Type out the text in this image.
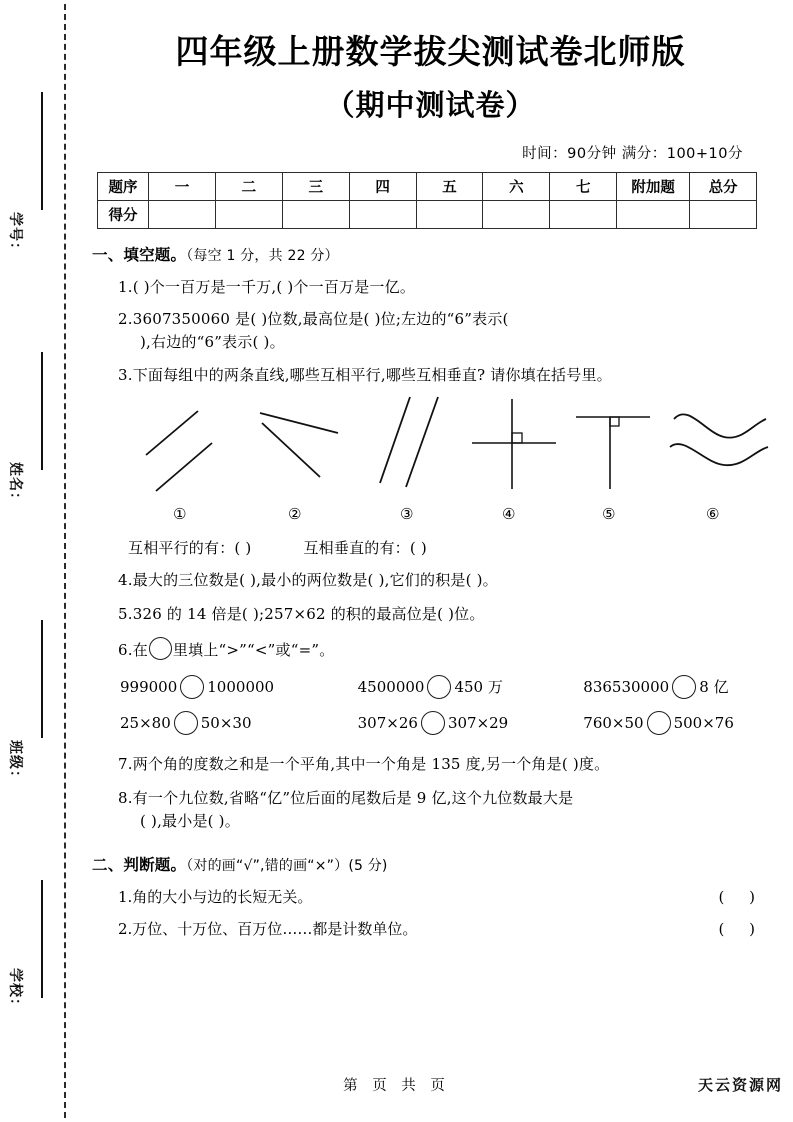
学号：
姓名：
班级：
学校：
四年级上册数学拔尖测试卷北师版
（期中测试卷）
时间：90分钟 满分：100+10分
题序	一	二	三	四	五	六	七	附加题	总分
得分									
一、填空题。（每空 1 分，共 22 分）
1.( )个一百万是一千万,( )个一百万是一亿。
2.3607350060 是( )位数,最高位是( )位;左边的“6”表示(
),右边的“6”表示( )。
3.下面每组中的两条直线,哪些互相平行,哪些互相垂直? 请你填在括号里。
①	②	③	④	⑤	⑥
互相平行的有：( )	互相垂直的有：( )
4.最大的三位数是( ),最小的两位数是( ),它们的积是( )。
5.326 的 14 倍是( );257×62 的积的最高位是( )位。
6.在 里填上“>”“<”或“=”。
999000 1000000	4500000 450 万	836530000 8 亿
25×80 50×30	307×26 307×29	760×50 500×76
7.两个角的度数之和是一个平角,其中一个角是 135 度,另一个角是( )度。
8.有一个九位数,省略“亿”位后面的尾数后是 9 亿,这个九位数最大是
( ),最小是( )。
二、判断题。（对的画“√”,错的画“×”）(5 分)
1.角的大小与边的长短无关。	( )
2.万位、十万位、百万位……都是计数单位。	( )
第 页 共 页	天云资源网
